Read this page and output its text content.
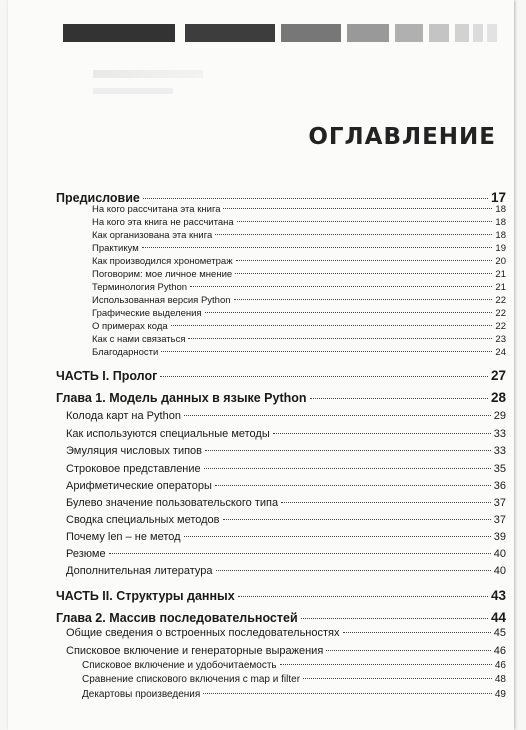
ОГЛАВЛЕНИЕ
Предисловие	17
На кого рассчитана эта книга	18
На кого эта книга не рассчитана	18
Как организована эта книга	18
Практикум	19
Как производился хронометраж	20
Поговорим: мое личное мнение	21
Терминология Python	21
Использованная версия Python	22
Графические выделения	22
О примерах кода	22
Как с нами связаться	23
Благодарности	24
ЧАСТЬ I. Пролог	27
Глава 1. Модель данных в языке Python	28
Колода карт на Python	29
Как используются специальные методы	33
Эмуляция числовых типов	33
Строковое представление	35
Арифметические операторы	36
Булево значение пользовательского типа	37
Сводка специальных методов	37
Почему len – не метод	39
Резюме	40
Дополнительная литература	40
ЧАСТЬ II. Структуры данных	43
Глава 2. Массив последовательностей	44
Общие сведения о встроенных последовательностях	45
Списковое включение и генераторные выражения	46
Списковое включение и удобочитаемость	46
Сравнение спискового включения с map и filter	48
Декартовы произведения	49
